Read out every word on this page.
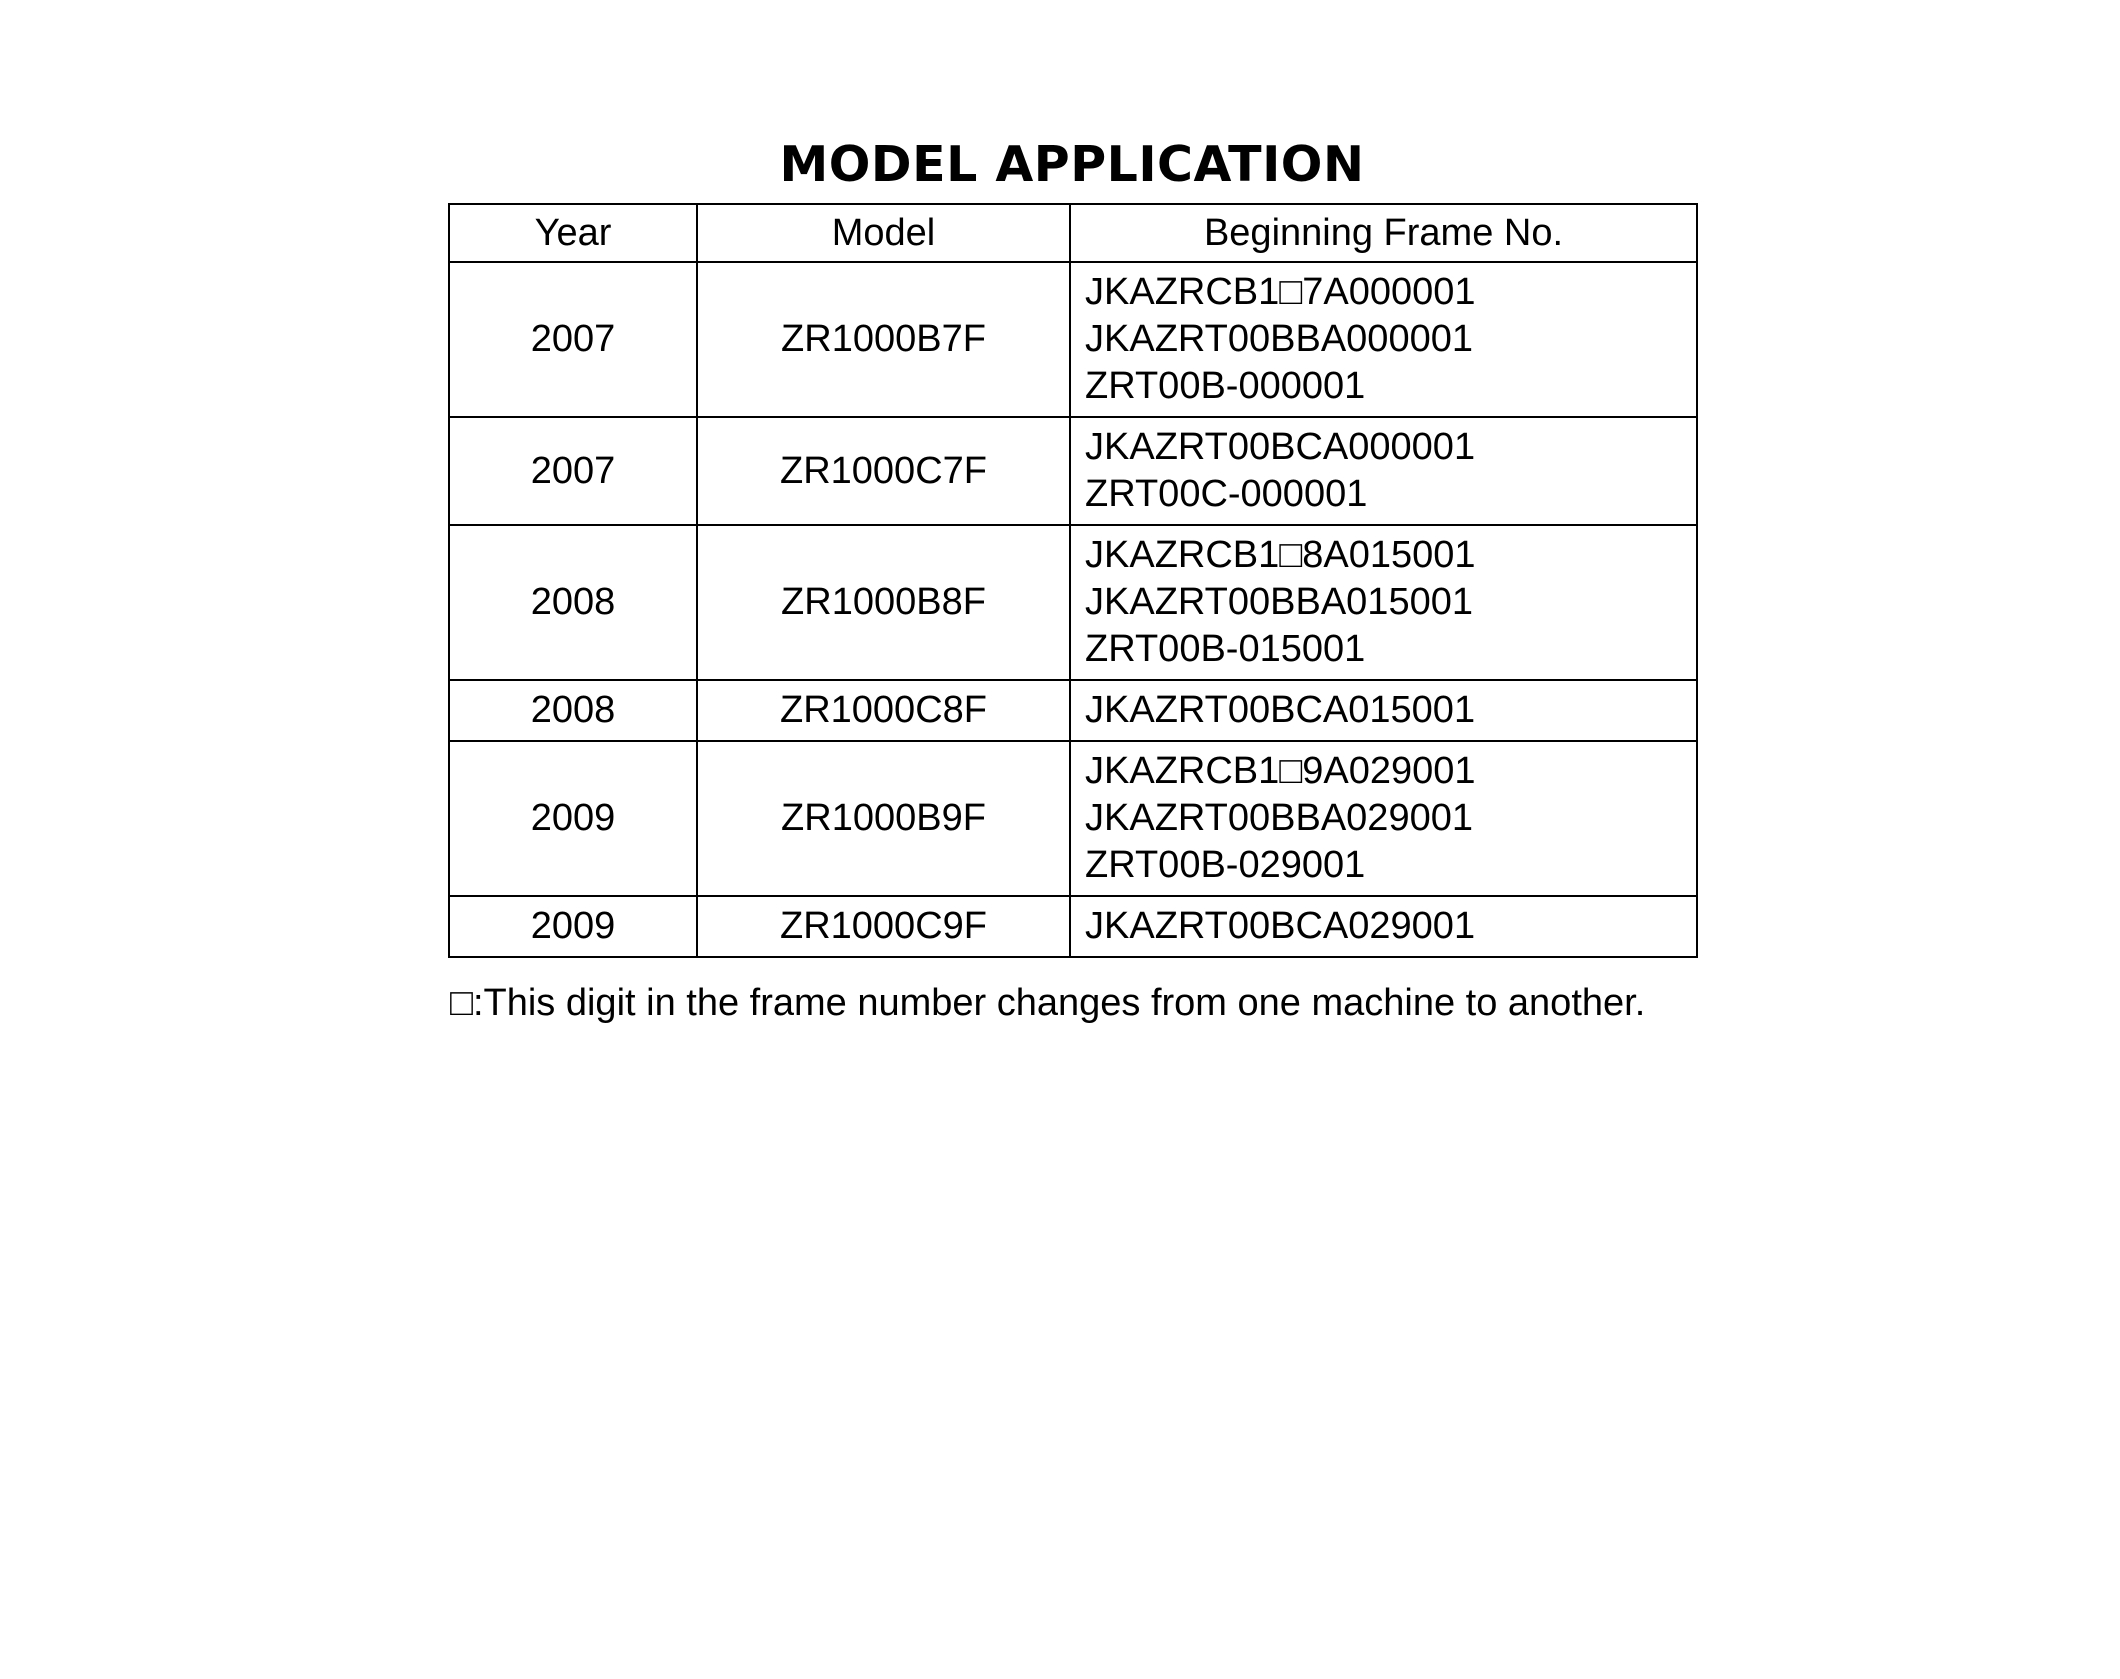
MODEL APPLICATION
Year	Model	Beginning Frame No.
2007	ZR1000B7F	JKAZRCB1□7A000001
JKAZRT00BBA000001
ZRT00B-000001

2007	ZR1000C7F	JKAZRT00BCA000001
ZRT00C-000001

2008	ZR1000B8F	JKAZRCB1□8A015001
JKAZRT00BBA015001
ZRT00B-015001

2008	ZR1000C8F	JKAZRT00BCA015001

2009	ZR1000B9F	JKAZRCB1□9A029001
JKAZRT00BBA029001
ZRT00B-029001

2009	ZR1000C9F	JKAZRT00BCA029001
□:This digit in the frame number changes from one machine to another.
